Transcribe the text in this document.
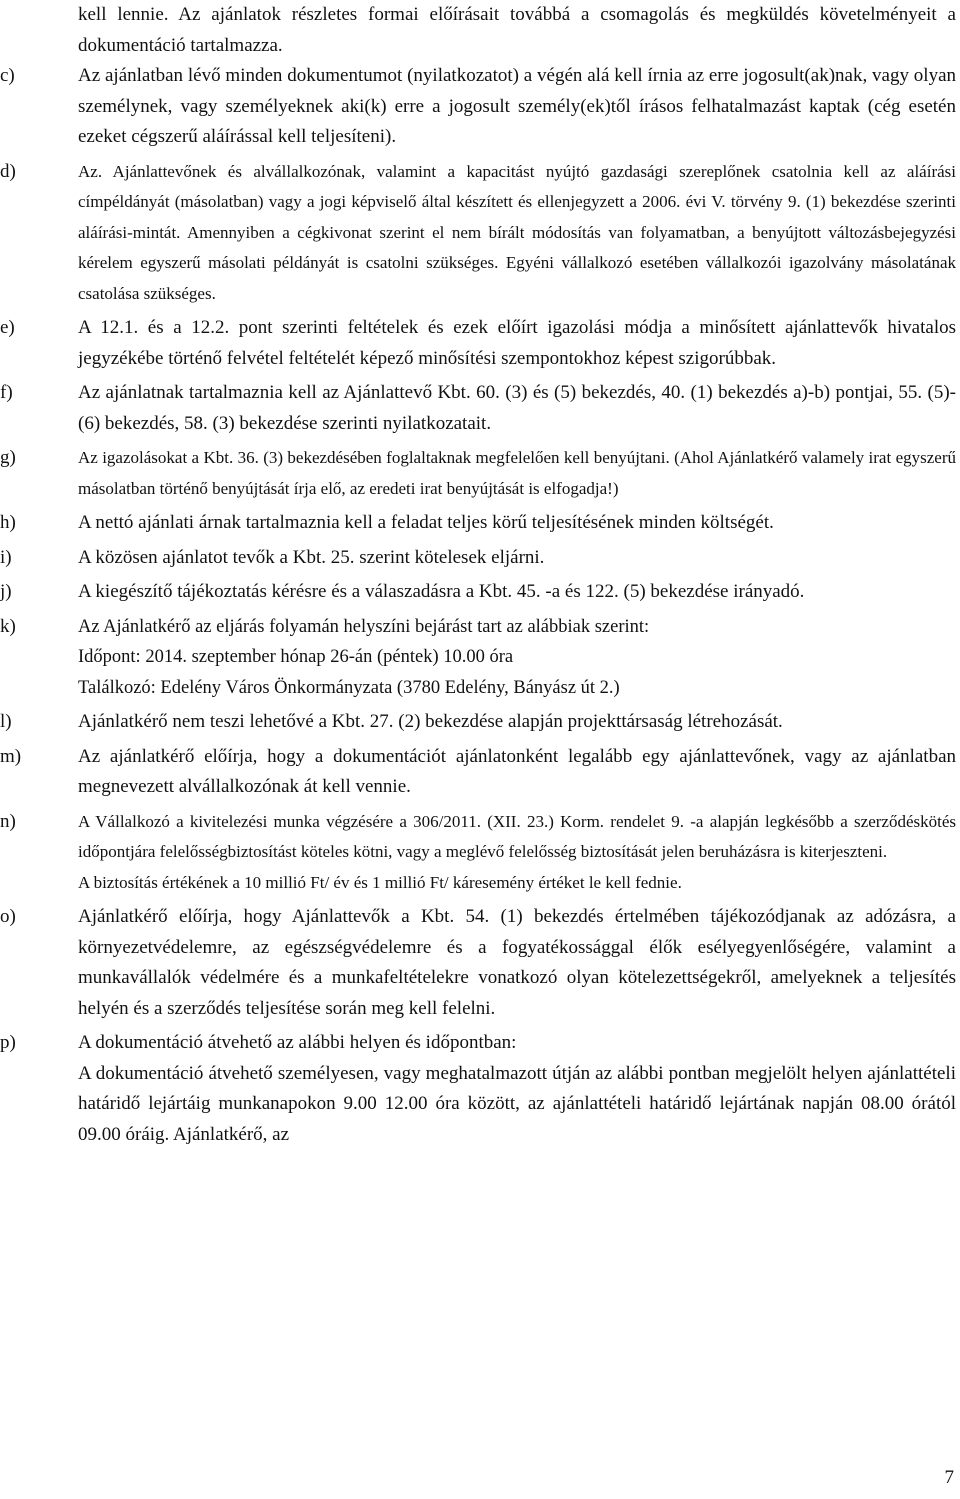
kell lennie. Az ajánlatok részletes formai előírásait továbbá a csomagolás és megküldés követelményeit a dokumentáció tartalmazza.

c)	Az ajánlatban lévő minden dokumentumot (nyilatkozatot) a végén alá kell írnia az erre jogosult(ak)nak, vagy olyan személynek, vagy személyeknek aki(k) erre a jogosult személy(ek)től írásos felhatalmazást kaptak (cég esetén ezeket cégszerű aláírással kell teljesíteni).

d)	Az. Ajánlattevőnek és alvállalkozónak, valamint a kapacitást nyújtó gazdasági szereplőnek csatolnia kell az aláírási címpéldányát (másolatban) vagy a jogi képviselő által készített és ellenjegyzett a 2006. évi V. törvény 9. (1) bekezdése szerinti aláírási-mintát. Amennyiben a cégkivonat szerint el nem bírált módosítás van folyamatban, a benyújtott változásbejegyzési kérelem egyszerű másolati példányát is csatolni szükséges. Egyéni vállalkozó esetében vállalkozói igazolvány másolatának csatolása szükséges.

e)	A 12.1. és a 12.2. pont szerinti feltételek és ezek előírt igazolási módja a minősített ajánlattevők hivatalos jegyzékébe történő felvétel feltételét képező minősítési szempontokhoz képest szigorúbbak.

f)	Az ajánlatnak tartalmaznia kell az Ajánlattevő Kbt. 60. (3) és (5) bekezdés, 40. (1) bekezdés a)-b) pontjai, 55. (5)-(6) bekezdés, 58. (3) bekezdése szerinti nyilatkozatait.

g)	Az igazolásokat a Kbt. 36. (3) bekezdésében foglaltaknak megfelelően kell benyújtani. (Ahol Ajánlatkérő valamely irat egyszerű másolatban történő benyújtását írja elő, az eredeti irat benyújtását is elfogadja!)

h)	A nettó ajánlati árnak tartalmaznia kell a feladat teljes körű teljesítésének minden költségét.

i)	A közösen ajánlatot tevők a Kbt. 25. szerint kötelesek eljárni.

j)	A kiegészítő tájékoztatás kérésre és a válaszadásra a Kbt. 45. -a és 122. (5) bekezdése irányadó.

k)	Az Ajánlatkérő az eljárás folyamán helyszíni bejárást tart az alábbiak szerint:

Időpont: 2014. szeptember hónap 26-án (péntek) 10.00 óra

Találkozó: Edelény Város Önkormányzata (3780 Edelény, Bányász út 2.)

l)	Ajánlatkérő nem teszi lehetővé a Kbt. 27. (2) bekezdése alapján projekttársaság létrehozását.

m)	Az ajánlatkérő előírja, hogy a dokumentációt ajánlatonként legalább egy ajánlattevőnek, vagy az ajánlatban megnevezett alvállalkozónak át kell vennie.

n)	A Vállalkozó a kivitelezési munka végzésére a 306/2011. (XII. 23.) Korm. rendelet 9. -a alapján legkésőbb a szerződéskötés időpontjára felelősségbiztosítást köteles kötni, vagy a meglévő felelősség biztosítását jelen beruházásra is kiterjeszteni.

A biztosítás értékének a 10 millió Ft/ év és 1 millió Ft/ káresemény értéket le kell fednie.

o)	Ajánlatkérő előírja, hogy Ajánlattevők a Kbt. 54. (1) bekezdés értelmében tájékozódjanak az adózásra, a környezetvédelemre, az egészségvédelemre és a fogyatékossággal élők esélyegyenlőségére, valamint a munkavállalók védelmére és a munkafeltételekre vonatkozó olyan kötelezettségekről, amelyeknek a teljesítés helyén és a szerződés teljesítése során meg kell felelni.

p)	A dokumentáció átvehető az alábbi helyen és időpontban:

A dokumentáció átvehető személyesen, vagy meghatalmazott útján az alábbi pontban megjelölt helyen ajánlattételi határidő lejártáig munkanapokon 9.00 12.00 óra között, az ajánlattételi határidő lejártának napján 08.00 órától 09.00 óráig. Ajánlatkérő, az

7
